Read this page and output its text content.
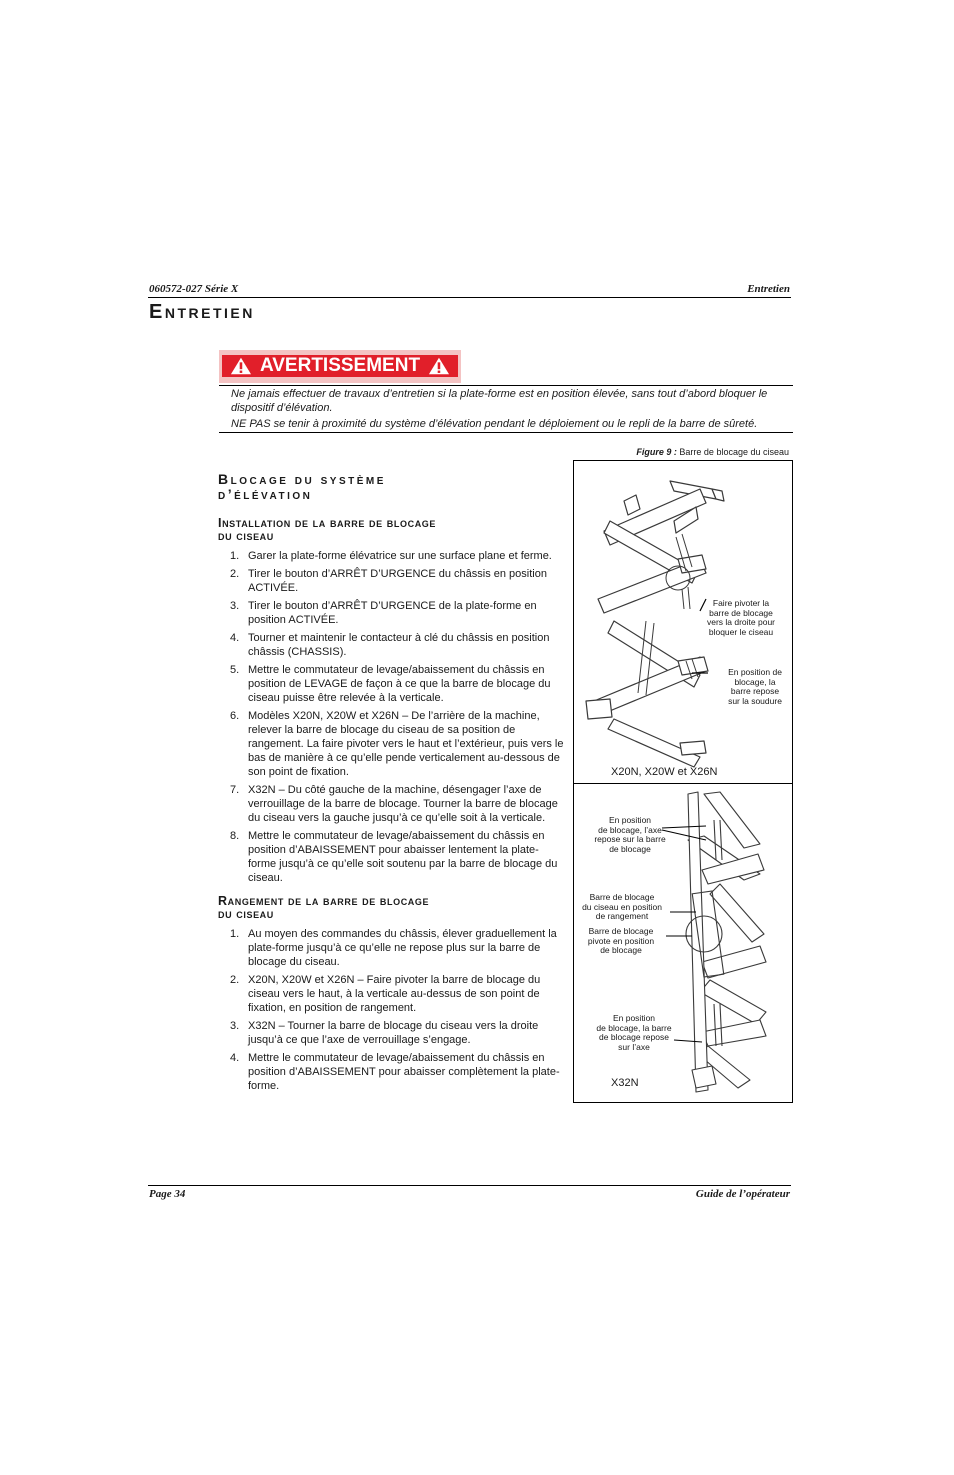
060572-027 Série X	Entretien
Entretien
AVERTISSEMENT

Ne jamais effectuer de travaux d’entretien si la plate-forme est en position élevée, sans tout d’abord bloquer le dispositif d’élévation.

NE PAS se tenir à proximité du système d’élévation pendant le déploiement ou le repli de la barre de sûreté.

Blocage du système
d’élévation
Installation de la barre de blocage
du ciseau
1. Garer la plate-forme élévatrice sur une surface plane et ferme.
2. Tirer le bouton d’ARRÊT D’URGENCE du châssis en position ACTIVÉE.
3. Tirer le bouton d’ARRÊT D’URGENCE de la plate-forme en position ACTIVÉE.
4. Tourner et maintenir le contacteur à clé du châssis en position châssis (CHASSIS).
5. Mettre le commutateur de levage/abaissement du châssis en position de LEVAGE de façon à ce que la barre de blocage du ciseau puisse être relevée à la verticale.
6. Modèles X20N, X20W et X26N – De l’arrière de la machine, relever la barre de blocage du ciseau de sa position de rangement. La faire pivoter vers le haut et l’extérieur, puis vers le bas de manière à ce qu’elle pende verticalement au-dessous de son point de fixation.
7. X32N – Du côté gauche de la machine, désengager l’axe de verrouillage de la barre de blocage. Tourner la barre de blocage du ciseau vers la gauche jusqu’à ce qu’elle soit à la verticale.
8. Mettre le commutateur de levage/abaissement du châssis en position d’ABAISSEMENT pour abaisser lentement la plate-forme jusqu’à ce qu’elle soit soutenu par la barre de blocage du ciseau.
Rangement de la barre de blocage
du ciseau
1. Au moyen des commandes du châssis, élever graduellement la plate-forme jusqu’à ce qu’elle ne repose plus sur la barre de blocage du ciseau.
2. X20N, X20W et X26N – Faire pivoter la barre de blocage du ciseau vers le haut, à la verticale au-dessus de son point de fixation, en position de rangement.
3. X32N – Tourner la barre de blocage du ciseau vers la droite jusqu’à ce que l’axe de verrouillage s’engage.
4. Mettre le commutateur de levage/abaissement du châssis en position d’ABAISSEMENT pour abaisser complètement la plate-forme.
Figure 9 : Barre de blocage du ciseau
Faire pivoter la
barre de blocage
vers la droite pour
bloquer le ciseau
En position de
blocage, la
barre repose
sur la soudure
X20N, X20W et X26N
En position
de blocage, l’axe
repose sur la barre
de blocage
Barre de blocage
du ciseau en position
de rangement
Barre de blocage
pivote en position
de blocage
En position
de blocage, la barre
de blocage repose
sur l’axe
X32N
Page 34	Guide de l’opérateur
